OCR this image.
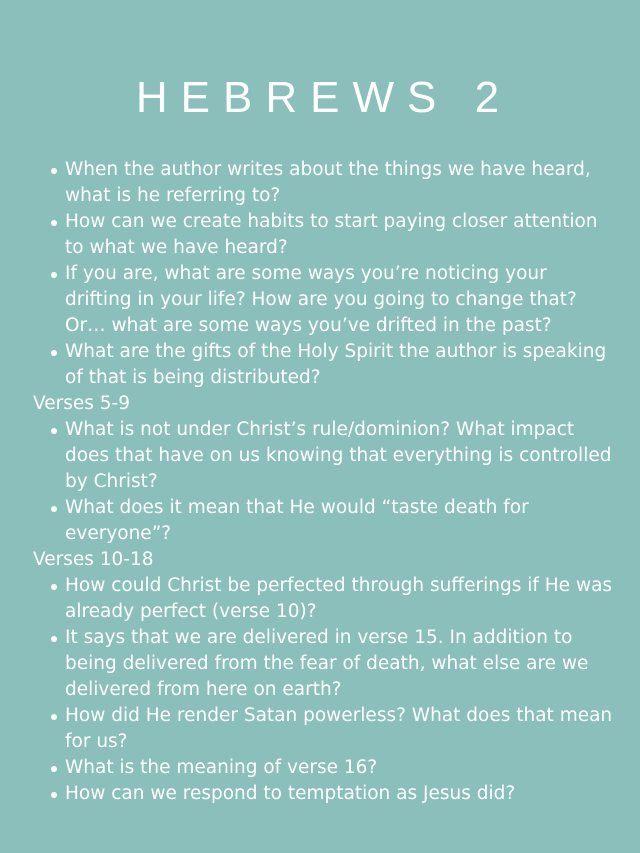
HEBREWS 2
When the author writes about the things we have heard, what is he referring to?
How can we create habits to start paying closer attention to what we have heard?
If you are, what are some ways you’re noticing your drifting in your life? How are you going to change that? Or… what are some ways you’ve drifted in the past?
What are the gifts of the Holy Spirit the author is speaking of that is being distributed?

Verses 5-9

What is not under Christ’s rule/dominion? What impact does that have on us knowing that everything is controlled by Christ?
What does it mean that He would “taste death for everyone”?

Verses 10-18

How could Christ be perfected through sufferings if He was already perfect (verse 10)?
It says that we are delivered in verse 15. In addition to being delivered from the fear of death, what else are we delivered from here on earth?
How did He render Satan powerless? What does that mean for us?
What is the meaning of verse 16?
How can we respond to temptation as Jesus did?
